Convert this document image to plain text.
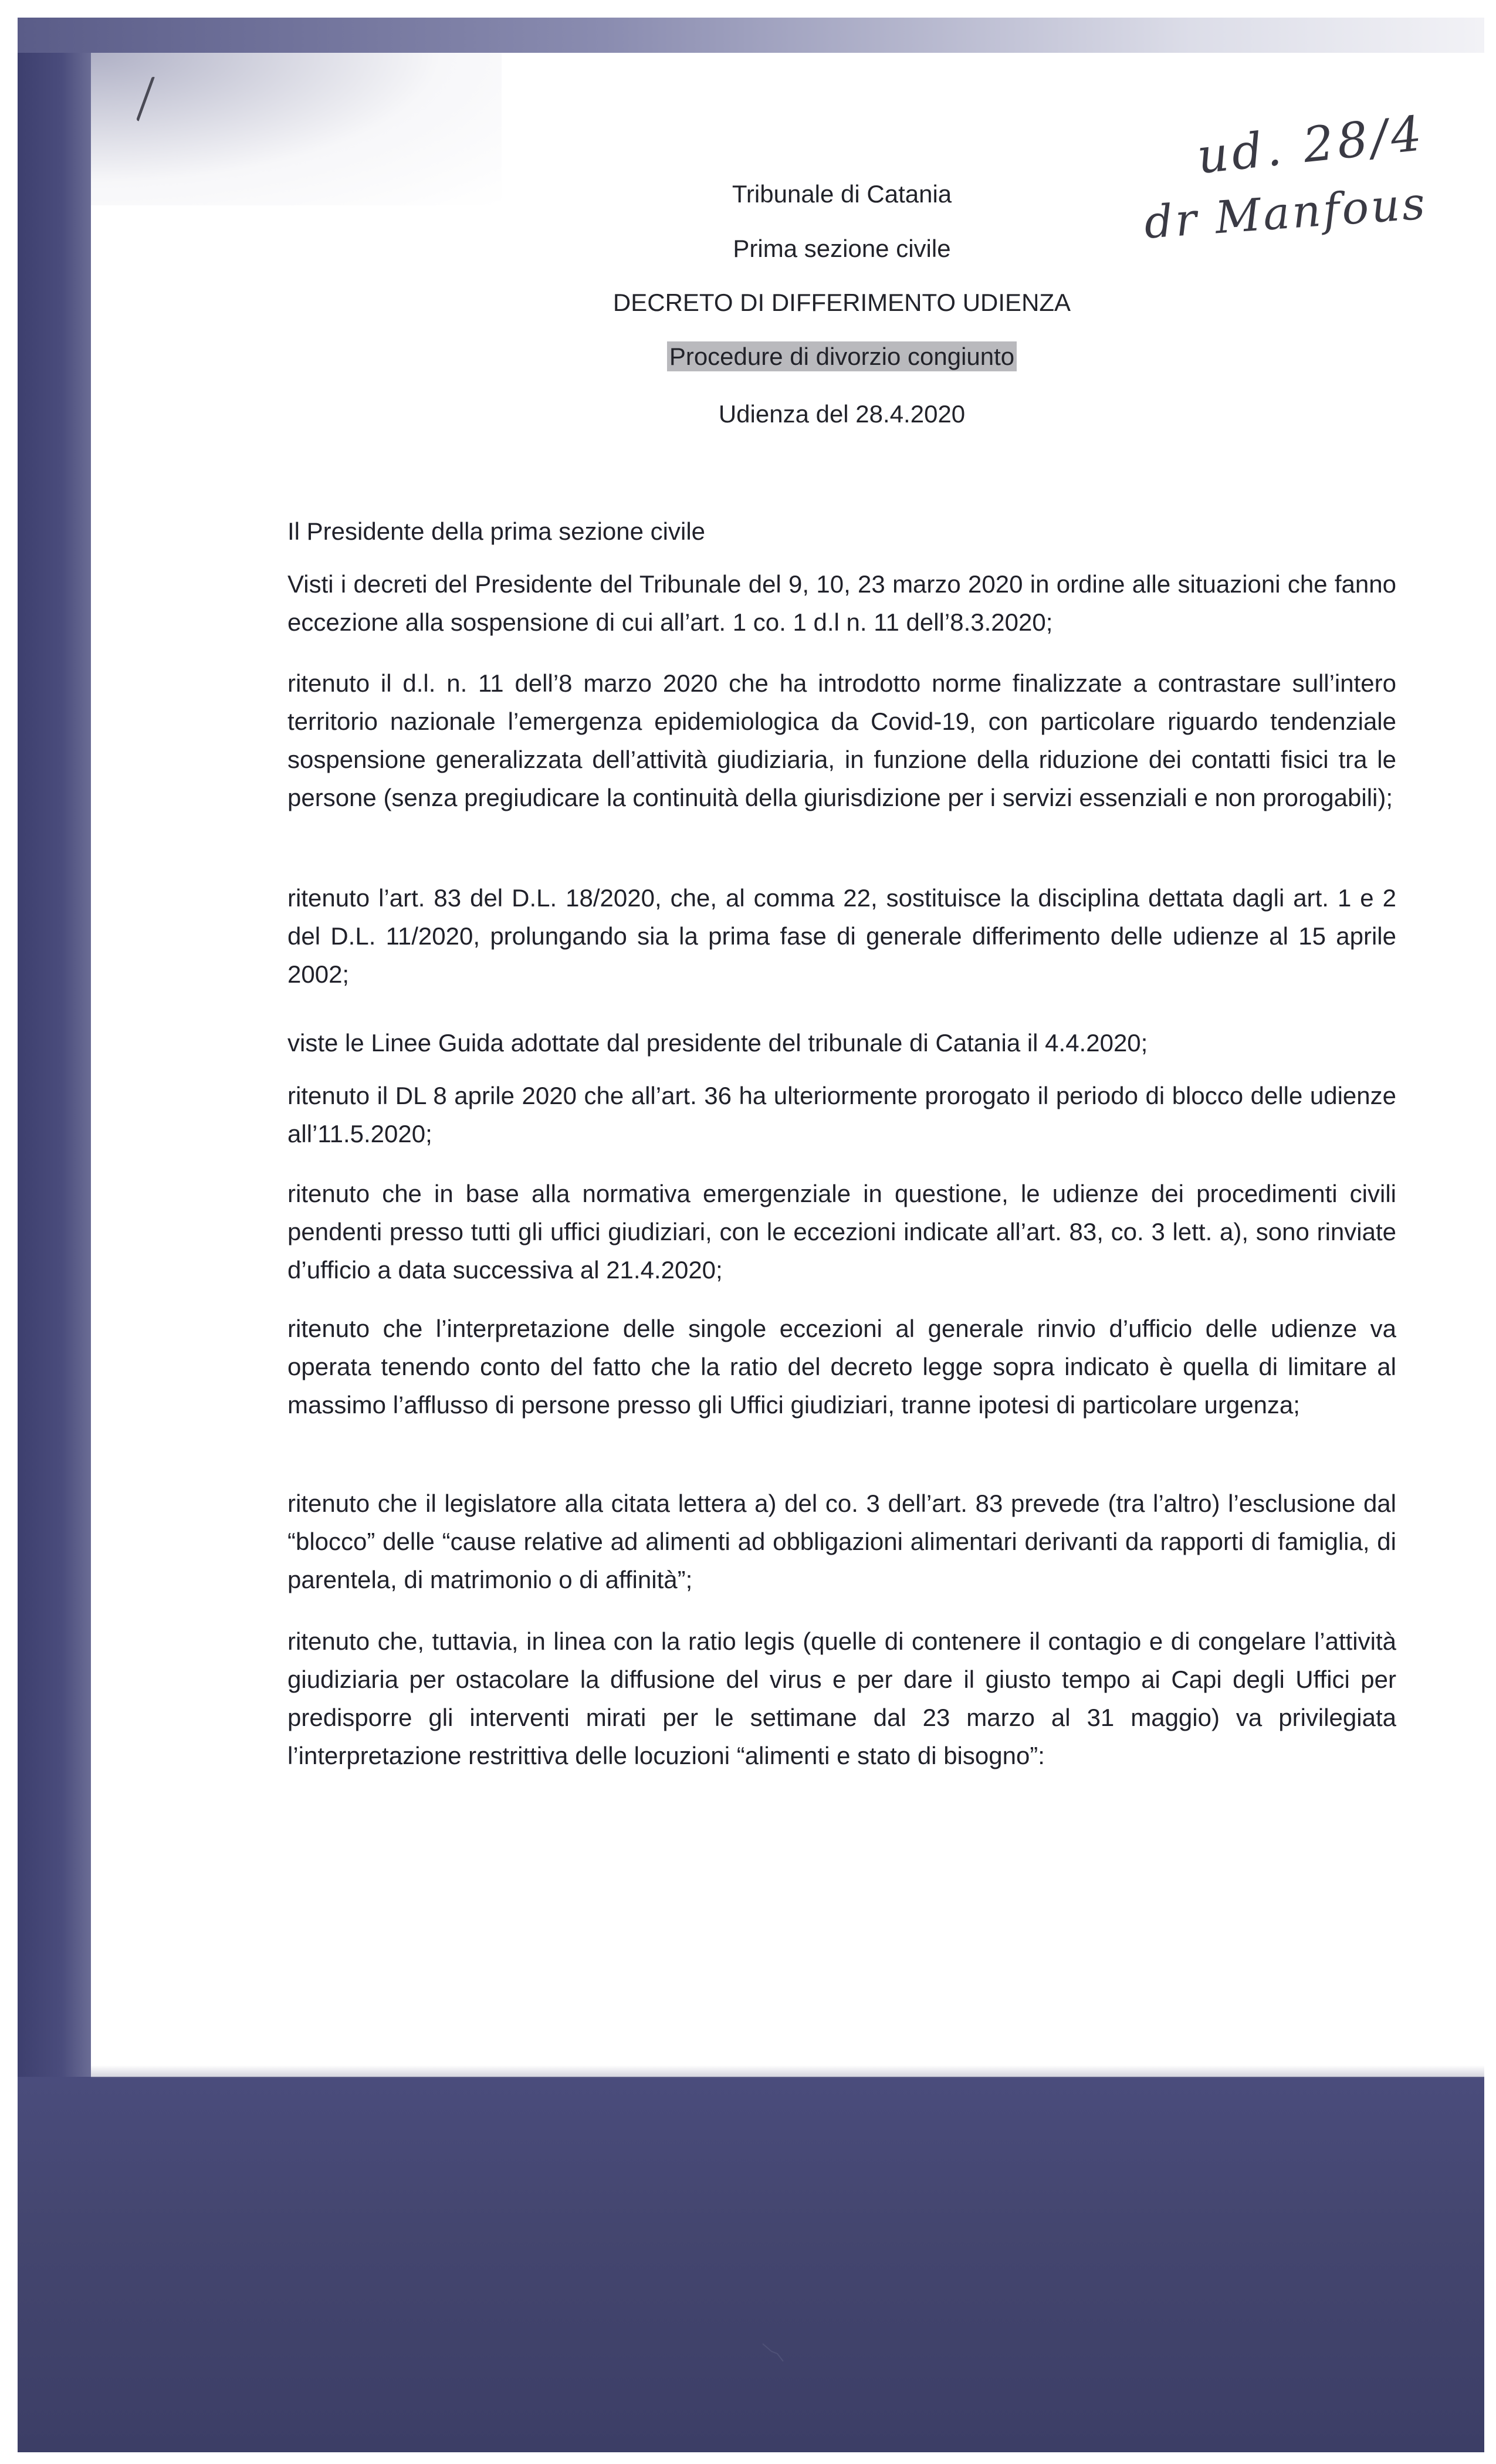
ud. 28/4
dr Manfous
Tribunale di Catania
Prima sezione civile
DECRETO DI DIFFERIMENTO UDIENZA
Procedure di divorzio congiunto
Udienza del 28.4.2020
Il Presidente della prima sezione civile
Visti i decreti del Presidente del Tribunale del 9, 10, 23 marzo 2020 in ordine alle situazioni che fanno eccezione alla sospensione di cui all’art. 1 co. 1 d.l n. 11 dell’8.3.2020;
ritenuto il d.l. n. 11 dell’8 marzo 2020 che ha introdotto norme finalizzate a contrastare sull’intero territorio nazionale l’emergenza epidemiologica da Covid-19, con particolare riguardo tendenziale sospensione generalizzata dell’attività giudiziaria, in funzione della riduzione dei contatti fisici tra le persone (senza pregiudicare la continuità della giurisdizione per i servizi essenziali e non prorogabili);
ritenuto l’art. 83 del D.L. 18/2020, che, al comma 22, sostituisce la disciplina dettata dagli art. 1 e 2 del D.L. 11/2020, prolungando sia la prima fase di generale differimento delle udienze al 15 aprile 2002;
viste le Linee Guida adottate dal presidente del tribunale di Catania il 4.4.2020;
ritenuto il DL 8 aprile 2020 che all’art. 36 ha ulteriormente prorogato il periodo di blocco delle udienze all’11.5.2020;
ritenuto che in base alla normativa emergenziale in questione, le udienze dei procedimenti civili pendenti presso tutti gli uffici giudiziari, con le eccezioni indicate all’art. 83, co. 3 lett. a), sono rinviate d’ufficio a data successiva al 21.4.2020;
ritenuto che l’interpretazione delle singole eccezioni al generale rinvio d’ufficio delle udienze va operata tenendo conto del fatto che la ratio del decreto legge sopra indicato è quella di limitare al massimo l’afflusso di persone presso gli Uffici giudiziari, tranne ipotesi di particolare urgenza;
ritenuto che il legislatore alla citata lettera a) del co. 3 dell’art. 83 prevede (tra l’altro) l’esclusione dal “blocco” delle “cause relative ad alimenti ad obbligazioni alimentari derivanti da rapporti di famiglia, di parentela, di matrimonio o di affinità”;
ritenuto che, tuttavia, in linea con la ratio legis (quelle di contenere il contagio e di congelare l’attività giudiziaria per ostacolare la diffusione del virus e per dare il giusto tempo ai Capi degli Uffici per predisporre gli interventi mirati per le settimane dal 23 marzo al 31 maggio) va privilegiata l’interpretazione restrittiva delle locuzioni “alimenti e stato di bisogno”:
